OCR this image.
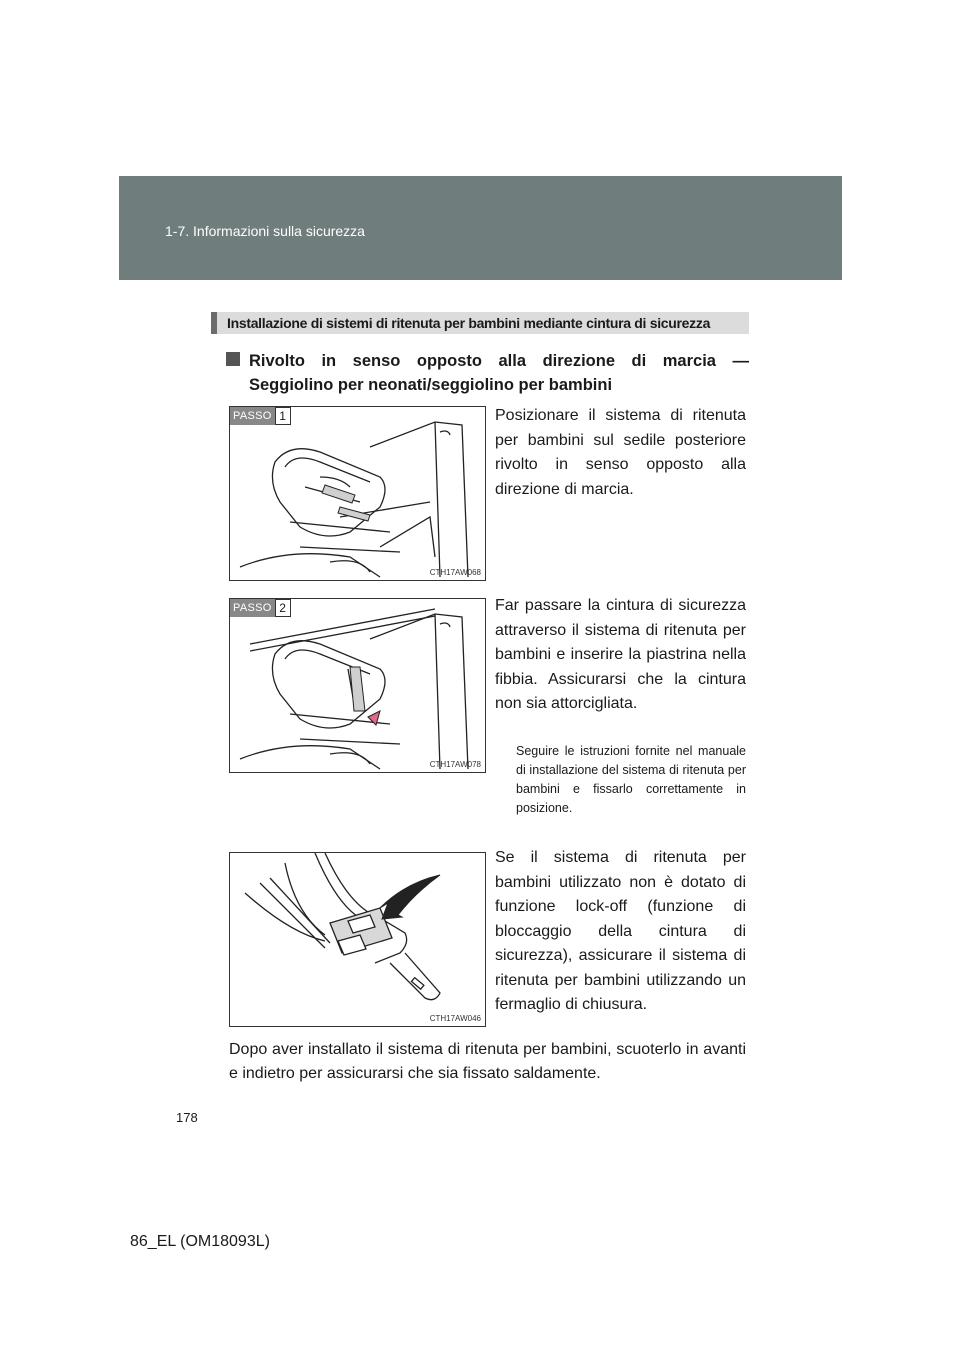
1-7. Informazioni sulla sicurezza
Installazione di sistemi di ritenuta per bambini mediante cintura di sicurezza
Rivolto in senso opposto alla direzione di marcia —
Seggiolino per neonati/seggiolino per bambini
PASSO 1
CTH17AW068
Posizionare il sistema di ritenuta per bambini sul sedile posteriore rivolto in senso opposto alla direzione di marcia.
PASSO 2
CTH17AW078
Far passare la cintura di sicurezza attraverso il sistema di ritenuta per bambini e inserire la piastrina nella fibbia. Assicurarsi che la cintura non sia attorcigliata.
Seguire le istruzioni fornite nel manuale di installazione del sistema di ritenuta per bambini e fissarlo correttamente in posizione.
CTH17AW046
Se il sistema di ritenuta per bambini utilizzato non è dotato di funzione lock-off (funzione di bloccaggio della cintura di sicurezza), assicurare il sistema di ritenuta per bambini utilizzando un fermaglio di chiusura.
Dopo aver installato il sistema di ritenuta per bambini, scuoterlo in avanti e indietro per assicurarsi che sia fissato saldamente.
178
86_EL (OM18093L)
